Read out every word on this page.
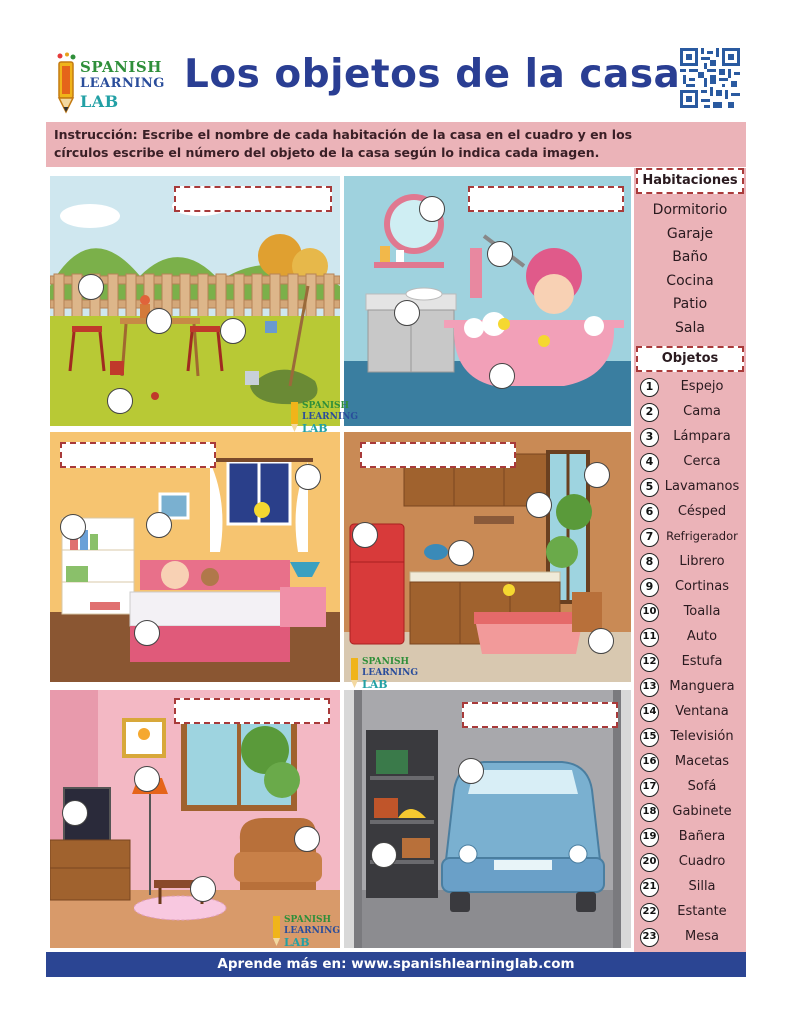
SPANISH
LEARNING
LAB
Los objetos de la casa
Instrucción: Escribe el nombre de cada habitación de la casa en el cuadro y en los
círculos escribe el número del objeto de la casa según lo indica cada imagen.
SPANISH
LEARNING
LAB
SPANISH
LEARNING
LAB
SPANISH
LEARNING
LAB
Habitaciones
Dormitorio
Garaje
Baño
Cocina
Patio
Sala
Objetos
1	Espejo
2	Cama
3	Lámpara
4	Cerca
5 Lavamanos
6	Césped
7	Refrigerador
8	Librero
9	Cortinas
10	Toalla
11	Auto
12	Estufa
13 Manguera
14	Ventana
15	Televisión
16	Macetas
17	Sofá
18	Gabinete
19	Bañera
20	Cuadro
21	Silla
22	Estante
23	Mesa
Aprende más en: www.spanishlearninglab.com
